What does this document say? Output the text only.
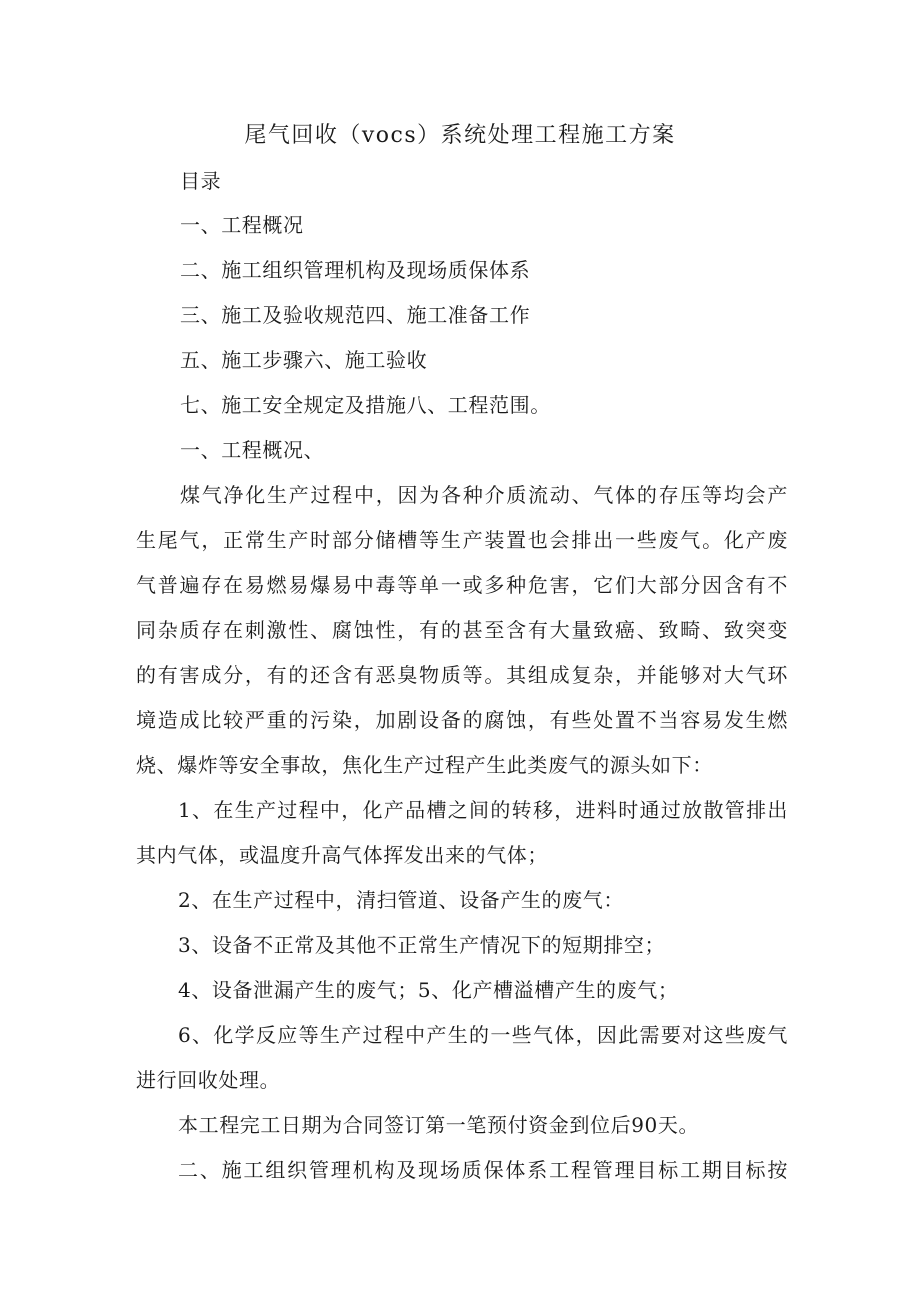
尾气回收（vocs）系统处理工程施工方案
目录
一、工程概况
二、施工组织管理机构及现场质保体系
三、施工及验收规范四、施工准备工作
五、施工步骤六、施工验收
七、施工安全规定及措施八、工程范围。
一、工程概况、
煤气净化生产过程中，因为各种介质流动、气体的存压等均会产
生尾气，正常生产时部分储槽等生产装置也会排出一些废气。化产废
气普遍存在易燃易爆易中毒等单一或多种危害，它们大部分因含有不
同杂质存在刺激性、腐蚀性，有的甚至含有大量致癌、致畸、致突变
的有害成分，有的还含有恶臭物质等。其组成复杂，并能够对大气环
境造成比较严重的污染，加剧设备的腐蚀，有些处置不当容易发生燃
烧、爆炸等安全事故，焦化生产过程产生此类废气的源头如下：
1、在生产过程中，化产品槽之间的转移，进料时通过放散管排出
其内气体，或温度升高气体挥发出来的气体；
2、在生产过程中，清扫管道、设备产生的废气：
3、设备不正常及其他不正常生产情况下的短期排空；
4、设备泄漏产生的废气；5、化产槽溢槽产生的废气；
6、化学反应等生产过程中产生的一些气体，因此需要对这些废气
进行回收处理。
本工程完工日期为合同签订第一笔预付资金到位后90天。
二、施工组织管理机构及现场质保体系工程管理目标工期目标按
